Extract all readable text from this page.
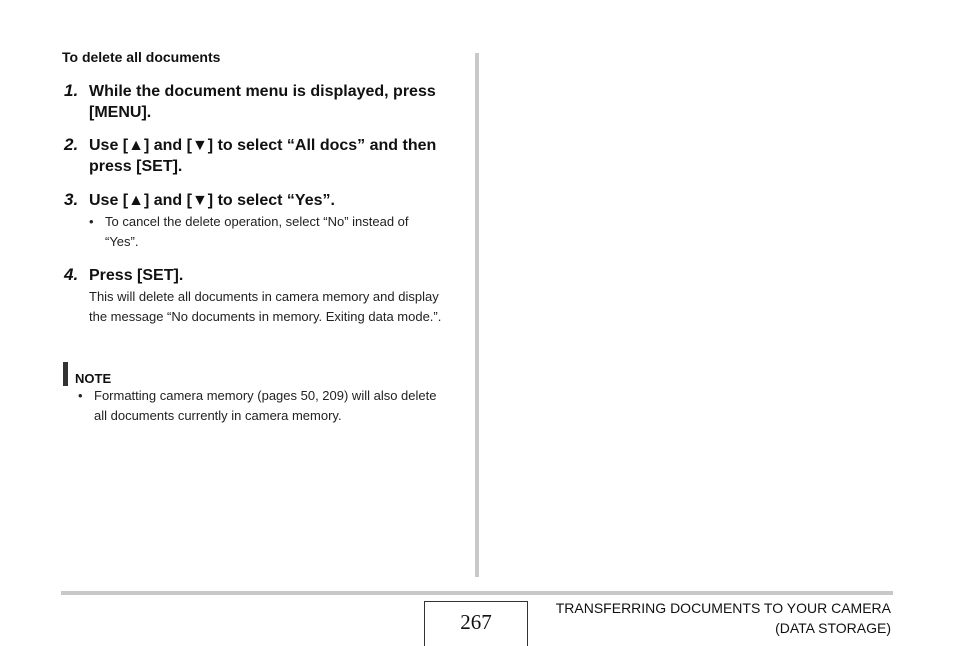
To delete all documents
1. While the document menu is displayed, press [MENU].
2. Use [▲] and [▼] to select “All docs” and then press [SET].
3. Use [▲] and [▼] to select “Yes”.
• To cancel the delete operation, select “No” instead of “Yes”.
4. Press [SET].
This will delete all documents in camera memory and display the message “No documents in memory. Exiting data mode.”.
NOTE
• Formatting camera memory (pages 50, 209) will also delete all documents currently in camera memory.
267
TRANSFERRING DOCUMENTS TO YOUR CAMERA
(DATA STORAGE)
